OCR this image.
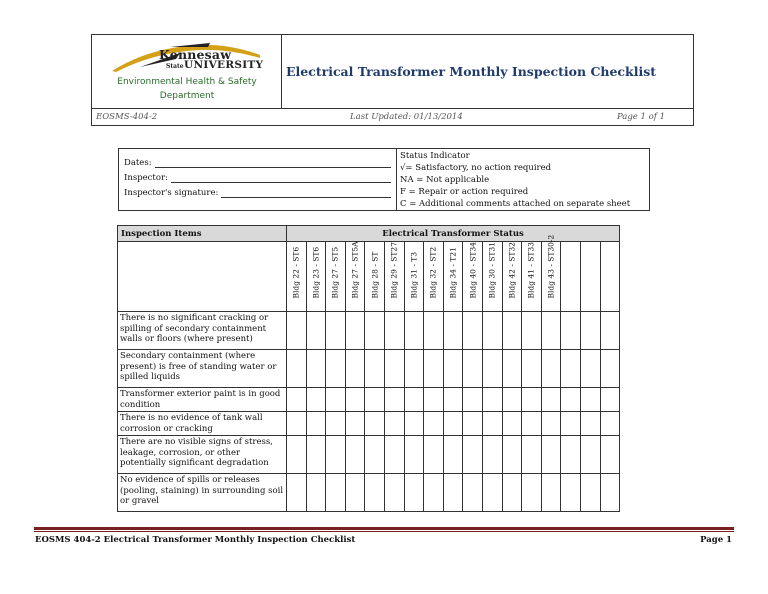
Kennesaw
State UNIVERSITY
Environmental Health & Safety
Department
Electrical Transformer Monthly Inspection Checklist
EOSMS-404-2	Last Updated: 01/13/2014	Page 1 of 1
Dates:
Inspector:
Inspector's signature:
Status Indicator
√= Satisfactory, no action required
NA = Not applicable
F = Repair or action required
C = Additional comments attached on separate sheet
Inspection Items	Electrical Transformer Status																

	Bldg 22 - ST6	Bldg 23 - ST6	Bldg 27 - ST5	Bldg 27 - ST5A	Bldg 28 - ST	Bldg 29 - ST27	Bldg 31 - T3	Bldg 32 - ST2	Bldg 34 - T21	Bldg 40 - ST34	Bldg 30 - ST31	Bldg 42 - ST32	Bldg 41 - ST33	Bldg 43 - ST30-2			

There is no significant cracking or spilling of secondary containment walls or floors (where present)																	
Secondary containment (where present) is free of standing water or spilled liquids																	
Transformer exterior paint is in good condition																	
There is no evidence of tank wall corrosion or cracking																	
There are no visible signs of stress, leakage, corrosion, or other potentially significant degradation																	
No evidence of spills or releases (pooling, staining) in surrounding soil or gravel																	
EOSMS 404-2 Electrical Transformer Monthly Inspection Checklist	Page 1
